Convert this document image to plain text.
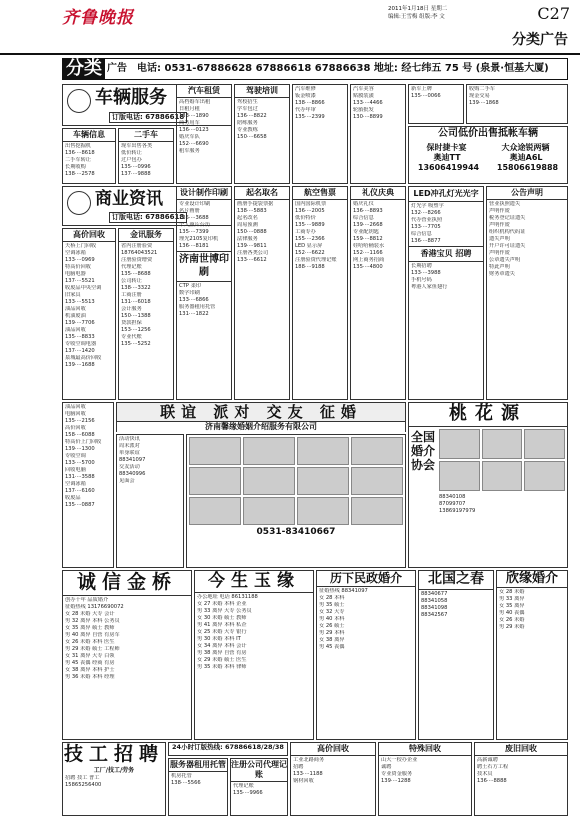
齐鲁晚报	2011年1月18日 星期二
编辑:王雪梅 组版:李 文	C27
分类广告
分类 广告 电话: 0531-67886628 67886618 67886638 地址: 经七纬五 75 号 (泉景·恒基大厦)
车辆服务
订版电话: 67886618
车辆信息
出售挖掘机
136····8618
二手车转让
长期收购
138····2578
二手车
现车出售各类
低价转让
过户包办
135····0996
137····9888
汽车租赁
高档婚车出租
日租月租
133····1890
商务用车
136····0123
婚庆车队
152····6690
租车服务
驾驶培训
驾校招生
学车包过
136····8822
陪练服务
专业教练
150····6658
汽车维修
钣金喷漆
138····8866
代办年审
135····2399
汽车美容
贴膜装潢
133····4466
轮胎批发
130····8899
新车上牌
135····0066
收购二手车
现金交易
139····1868
公司低价出售抵帐车辆
保时捷卡宴	大众途锐两辆
奥迪TT	奥迪A6L
13606419944 15806619888
商业资讯
订版电话: 67886618
高价回收
天桥上门回收
空调冰箱
133····0969
特高价回收
电脑电器
137····5521
收废品中央空调
旧家具
133····5513
油品回收
机油废油
139····7706
油品回收
135····8833
专收空调电器
137····1420
泉城最高价回收
139····1688
金讯服务
省内注册验资
18764043521
注册验资增资
代理记账
135····8688
公司转让
138····3322
工商注册
131····6018
会计服务
150····1388
贷款担保
153····1256
专业代账
135····5252
设计制作印刷
专业设计印刷
名片画册
135····3688
个人照片台历
135····7399
理光2105复印机
136····8181
济南世博印刷
CTP 柔印
数字印刷
133····6866
服务器租用托管
131····1822
起名取名
画册手提袋票据
138····5883
起名改名
周易预测
150····0888
法律服务
139····9811
注册各类公司
133····6612
航空售票
国内国际机票
136····2005
低价特价
135····9889
工商专办
155····2366
LED 显示屏
152····6622
注册验资代理记账
188····9188
礼仪庆典
婚庆礼仪
136····8893
综合信息
139····2668
专业配钥匙
159····8812
娃哈哈桶装水
152····1166
网上商务招商
135····4800
LED冲孔灯光光字
灯光字 吸塑字
132····8266
代办营业执照
133····7705
综合信息
136····8877
香港宝贝 招聘
长期招聘
133····3988
手机号码
粤港人家鱼翅行
公告声明
营业执照遗失
声明作废
税务登记证遗失
声明作废
组织机构代码证
遗失声明
开户许可证遗失
声明作废
公章遗失声明
特此声明
财务章遗失
联谊 派对 交友 征婚
济南馨缘婚姻介绍服务有限公司
油品回收
电脑回收
135····2156
高价回收
158····6088
特高价上门回收
139····1300
专收空调
133····5700
回收电脑
131····3588
空调冰箱
137····6160
收废品
135····0887
活动快讯
周末派对
单身联谊
88341097
交友活动
88340996
见面会
0531-83410667
桃花源
全国婚介协会
88340108
87099707
13869197979
诚信金桥
创办十年 品质婚介
征婚热线 13176690072
女 28 未婚 大专 会计
男 32 离异 本科 公务员
女 35 离异 硕士 教师
男 40 离异 自营 有房车
女 26 未婚 本科 医生
男 29 未婚 硕士 工程师
女 31 离异 大专 白领
男 45 丧偶 经商 有房
女 38 离异 本科 护士
男 36 未婚 本科 经理
今生玉缘
办公地址 电话 86131188
女 27 未婚 本科 企业
男 33 离异 大专 公务员
女 30 未婚 硕士 教师
男 41 离异 本科 私企
女 25 未婚 大专 银行
男 30 未婚 本科 IT
女 34 离异 本科 会计
男 38 离异 自营 有房
女 29 未婚 硕士 医生
男 35 未婚 本科 律师
历下民政婚介
征婚热线 88341097
女 28 本科
男 35 硕士
女 32 大专
男 40 本科
女 26 硕士
男 29 本科
女 38 离异
男 45 丧偶
北国之春
88340677
88341058
88341098
88342567
欣缘婚介
女 28 未婚
男 33 离异
女 35 离异
男 40 丧偶
女 26 未婚
男 29 未婚
技工招聘
工厂/技工/劳务
招聘 技工 普工
15865256400
24小时订版热线: 67886618/28/38
服务器租用托管
机房托管
138····5566
注册公司代理记账
代理记账
135····9966
高价回收
工业北路商务
招聘
133····1188
钢材回收
特殊回收
山大一校办企业
诚聘
专业资金服务
139····1288
废旧回收
高薪诚聘
聘土石方工程
技术员
136····8888
